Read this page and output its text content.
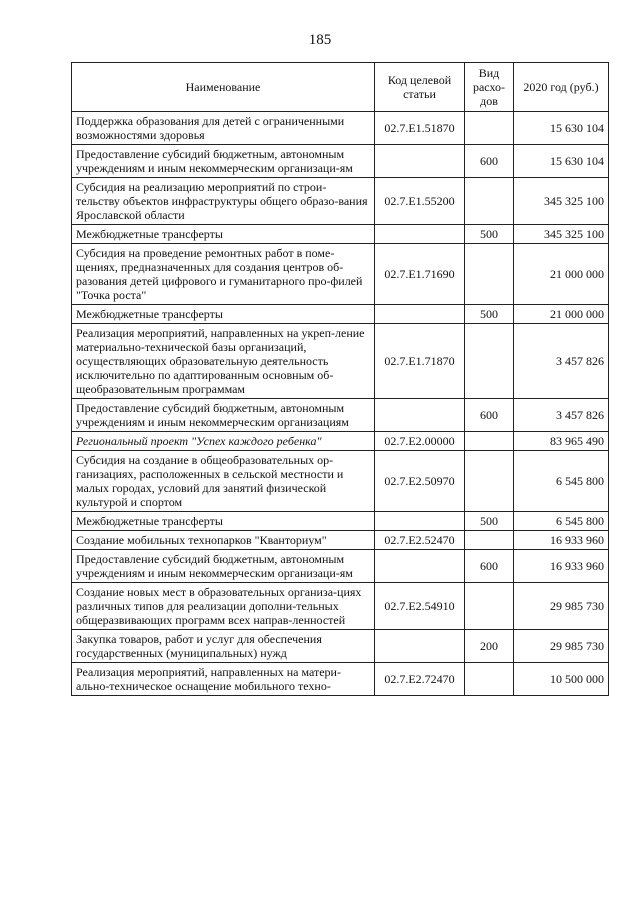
185
Наименование	Код целевой статьи	Вид расхо-дов	2020 год (руб.)
Поддержка образования для детей с ограниченными возможностями здоровья	02.7.E1.51870		15 630 104
Предоставление субсидий бюджетным, автономным учреждениям и иным некоммерческим организаци-ям		600	15 630 104
Субсидия на реализацию мероприятий по строи-тельству объектов инфраструктуры общего образо-вания Ярославской области	02.7.E1.55200		345 325 100
Межбюджетные трансферты		500	345 325 100
Субсидия на проведение ремонтных работ в поме-щениях, предназначенных для создания центров об-разования детей цифрового и гуманитарного про-филей "Точка роста"	02.7.E1.71690		21 000 000
Межбюджетные трансферты		500	21 000 000
Реализация мероприятий, направленных на укреп-ление материально-технической базы организаций, осуществляющих образовательную деятельность исключительно по адаптированным основным об-щеобразовательным программам	02.7.E1.71870		3 457 826
Предоставление субсидий бюджетным, автономным учреждениям и иным некоммерческим организациям		600	3 457 826
Региональный проект "Успех каждого ребенка"	02.7.E2.00000		83 965 490
Субсидия на создание в общеобразовательных ор-ганизациях, расположенных в сельской местности и малых городах, условий для занятий физической культурой и спортом	02.7.E2.50970		6 545 800
Межбюджетные трансферты		500	6 545 800
Создание мобильных технопарков "Кванториум"	02.7.E2.52470		16 933 960
Предоставление субсидий бюджетным, автономным учреждениям и иным некоммерческим организаци-ям		600	16 933 960
Создание новых мест в образовательных организа-циях различных типов для реализации дополни-тельных общеразвивающих программ всех направ-ленностей	02.7.E2.54910		29 985 730
Закупка товаров, работ и услуг для обеспечения государственных (муниципальных) нужд		200	29 985 730
Реализация мероприятий, направленных на матери-ально-техническое оснащение мобильного техно-	02.7.E2.72470		10 500 000
